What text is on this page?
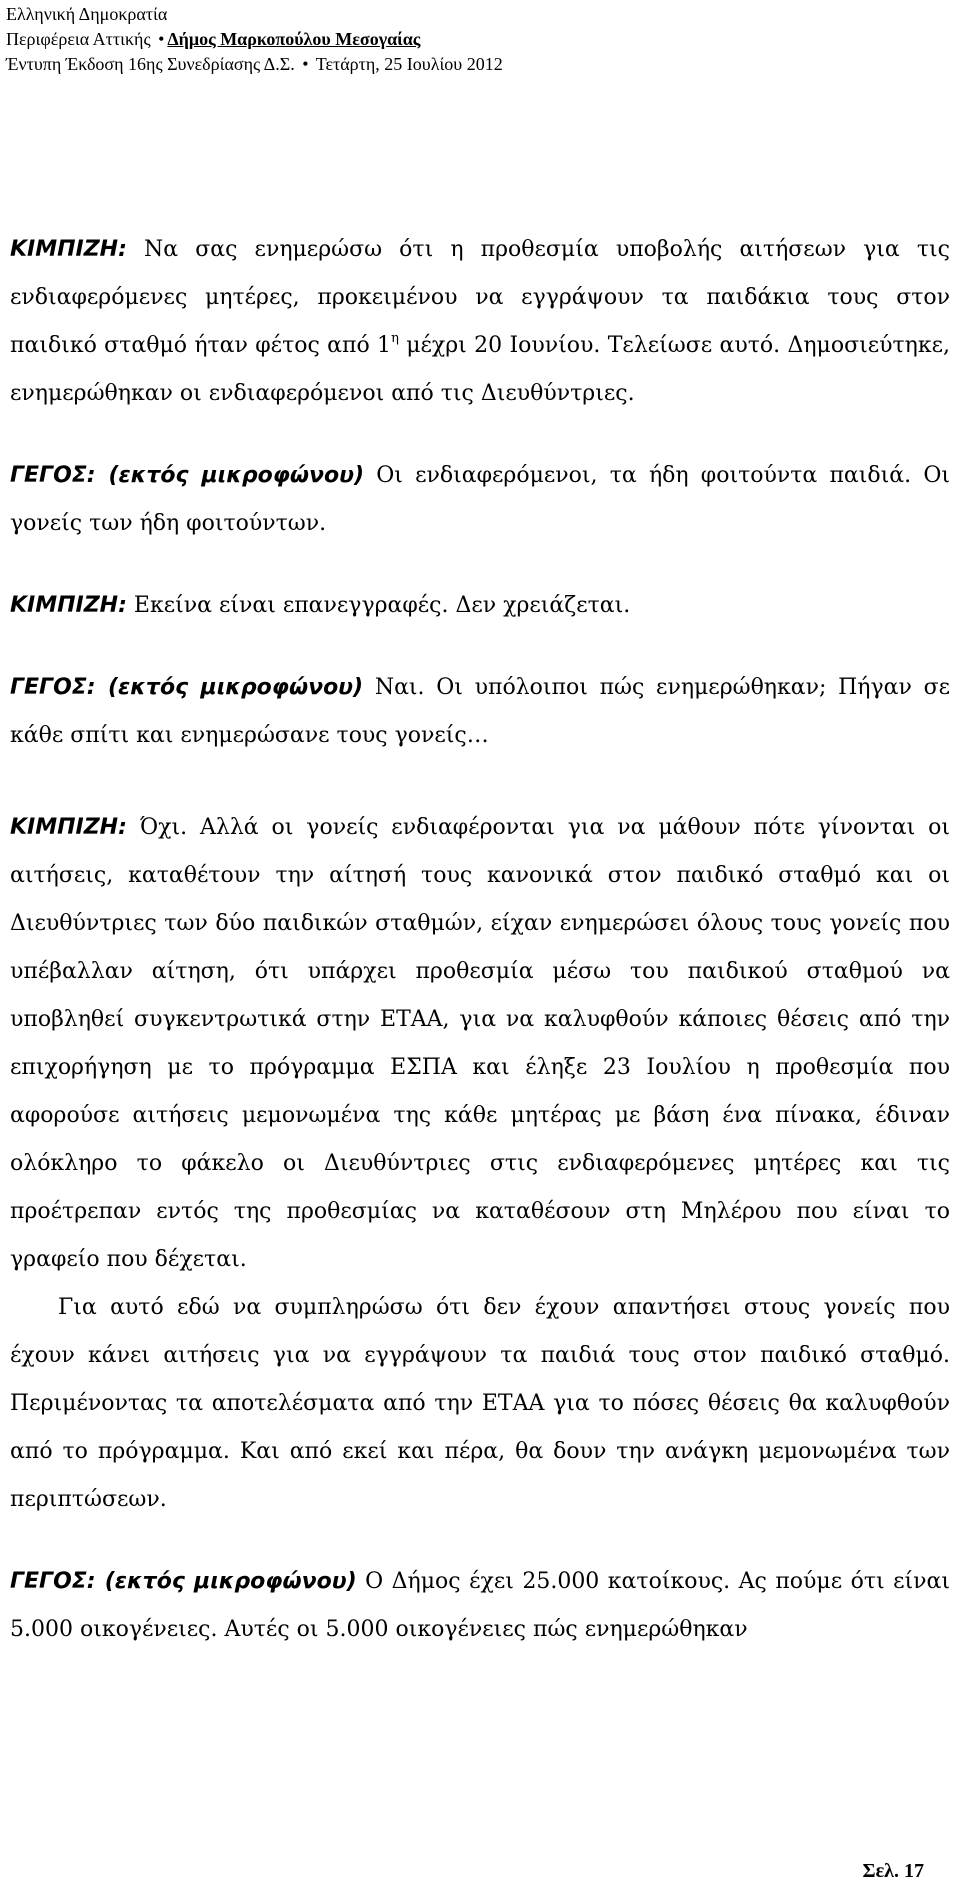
Ελληνική Δημοκρατία
Περιφέρεια Αττικής • Δήμος Μαρκοπούλου Μεσογαίας
Έντυπη Έκδοση 16ης Συνεδρίασης Δ.Σ. • Τετάρτη, 25 Ιουλίου 2012

ΚΙΜΠΙΖΗ: Να σας ενημερώσω ότι η προθεσμία υποβολής αιτήσεων για τις ενδιαφερόμενες μητέρες, προκειμένου να εγγράψουν τα παιδάκια τους στον παιδικό σταθμό ήταν φέτος από $1^\eta$ μέχρι 20 Ιουνίου. Τελείωσε αυτό. Δημοσιεύτηκε, ενημερώθηκαν οι ενδιαφερόμενοι από τις Διευθύντριες.

ΓΕΓΟΣ: (εκτός μικροφώνου) Οι ενδιαφερόμενοι, τα ήδη φοιτούντα παιδιά. Οι γονείς των ήδη φοιτούντων.

ΚΙΜΠΙΖΗ: Εκείνα είναι επανεγγραφές. Δεν χρειάζεται.

ΓΕΓΟΣ: (εκτός μικροφώνου) Ναι. Οι υπόλοιποι πώς ενημερώθηκαν; Πήγαν σε κάθε σπίτι και ενημερώσανε τους γονείς…

ΚΙΜΠΙΖΗ: Όχι. Αλλά οι γονείς ενδιαφέρονται για να μάθουν πότε γίνονται οι αιτήσεις, καταθέτουν την αίτησή τους κανονικά στον παιδικό σταθμό και οι Διευθύντριες των δύο παιδικών σταθμών, είχαν ενημερώσει όλους τους γονείς που υπέβαλλαν αίτηση, ότι υπάρχει προθεσμία μέσω του παιδικού σταθμού να υποβληθεί συγκεντρωτικά στην ΕΤΑΑ, για να καλυφθούν κάποιες θέσεις από την επιχορήγηση με το πρόγραμμα ΕΣΠΑ και έληξε 23 Ιουλίου η προθεσμία που αφορούσε αιτήσεις μεμονωμένα της κάθε μητέρας με βάση ένα πίνακα, έδιναν ολόκληρο το φάκελο οι Διευθύντριες στις ενδιαφερόμενες μητέρες και τις προέτρεπαν εντός της προθεσμίας να καταθέσουν στη Μηλέρου που είναι το γραφείο που δέχεται.

Για αυτό εδώ να συμπληρώσω ότι δεν έχουν απαντήσει στους γονείς που έχουν κάνει αιτήσεις για να εγγράψουν τα παιδιά τους στον παιδικό σταθμό. Περιμένοντας τα αποτελέσματα από την ΕΤΑΑ για το πόσες θέσεις θα καλυφθούν από το πρόγραμμα. Και από εκεί και πέρα, θα δουν την ανάγκη μεμονωμένα των περιπτώσεων.

ΓΕΓΟΣ: (εκτός μικροφώνου) Ο Δήμος έχει 25.000 κατοίκους. Ας πούμε ότι είναι 5.000 οικογένειες. Αυτές οι 5.000 οικογένειες πώς ενημερώθηκαν

Σελ. 17
